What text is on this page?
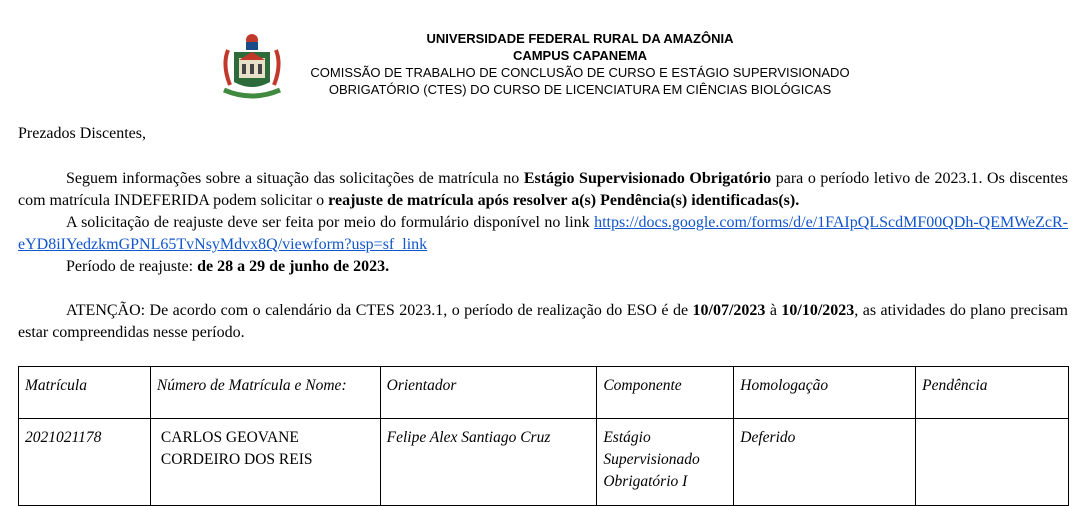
UNIVERSIDADE FEDERAL RURAL DA AMAZÔNIA
CAMPUS CAPANEMA
COMISSÃO DE TRABALHO DE CONCLUSÃO DE CURSO E ESTÁGIO SUPERVISIONADO
OBRIGATÓRIO (CTES) DO CURSO DE LICENCIATURA EM CIÊNCIAS BIOLÓGICAS
Prezados Discentes,
Seguem informações sobre a situação das solicitações de matrícula no Estágio Supervisionado Obrigatório para o período letivo de 2023.1. Os discentes com matrícula INDEFERIDA podem solicitar o reajuste de matrícula após resolver a(s) Pendência(s) identificadas(s).
A solicitação de reajuste deve ser feita por meio do formulário disponível no link https://docs.google.com/forms/d/e/1FAIpQLScdMF00QDh-QEMWeZcR-eYD8iIYedzkmGPNL65TvNsyMdvx8Q/viewform?usp=sf_link
Período de reajuste: de 28 a 29 de junho de 2023.
ATENÇÃO: De acordo com o calendário da CTES 2023.1, o período de realização do ESO é de 10/07/2023 à 10/10/2023, as atividades do plano precisam estar compreendidas nesse período.
Matrícula	Número de Matrícula e Nome:	Orientador	Componente	Homologação	Pendência
2021021178	CARLOS GEOVANE CORDEIRO DOS REIS	Felipe Alex Santiago Cruz	Estágio Supervisionado Obrigatório I	Deferido	
